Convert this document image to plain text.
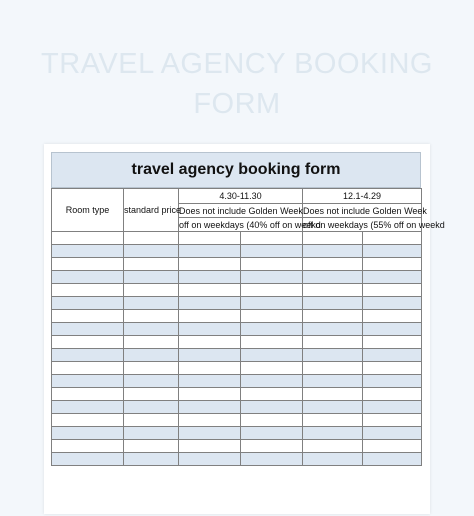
TRAVEL AGENCY BOOKING
FORM
travel agency booking form
Room type	standard price	4.30-11.30		12.1-4.29	
		Does not include Golden Week		Does not include Golden Week	
		off on weekdays (40% off on weekd		off on weekdays (55% off on weekd	
